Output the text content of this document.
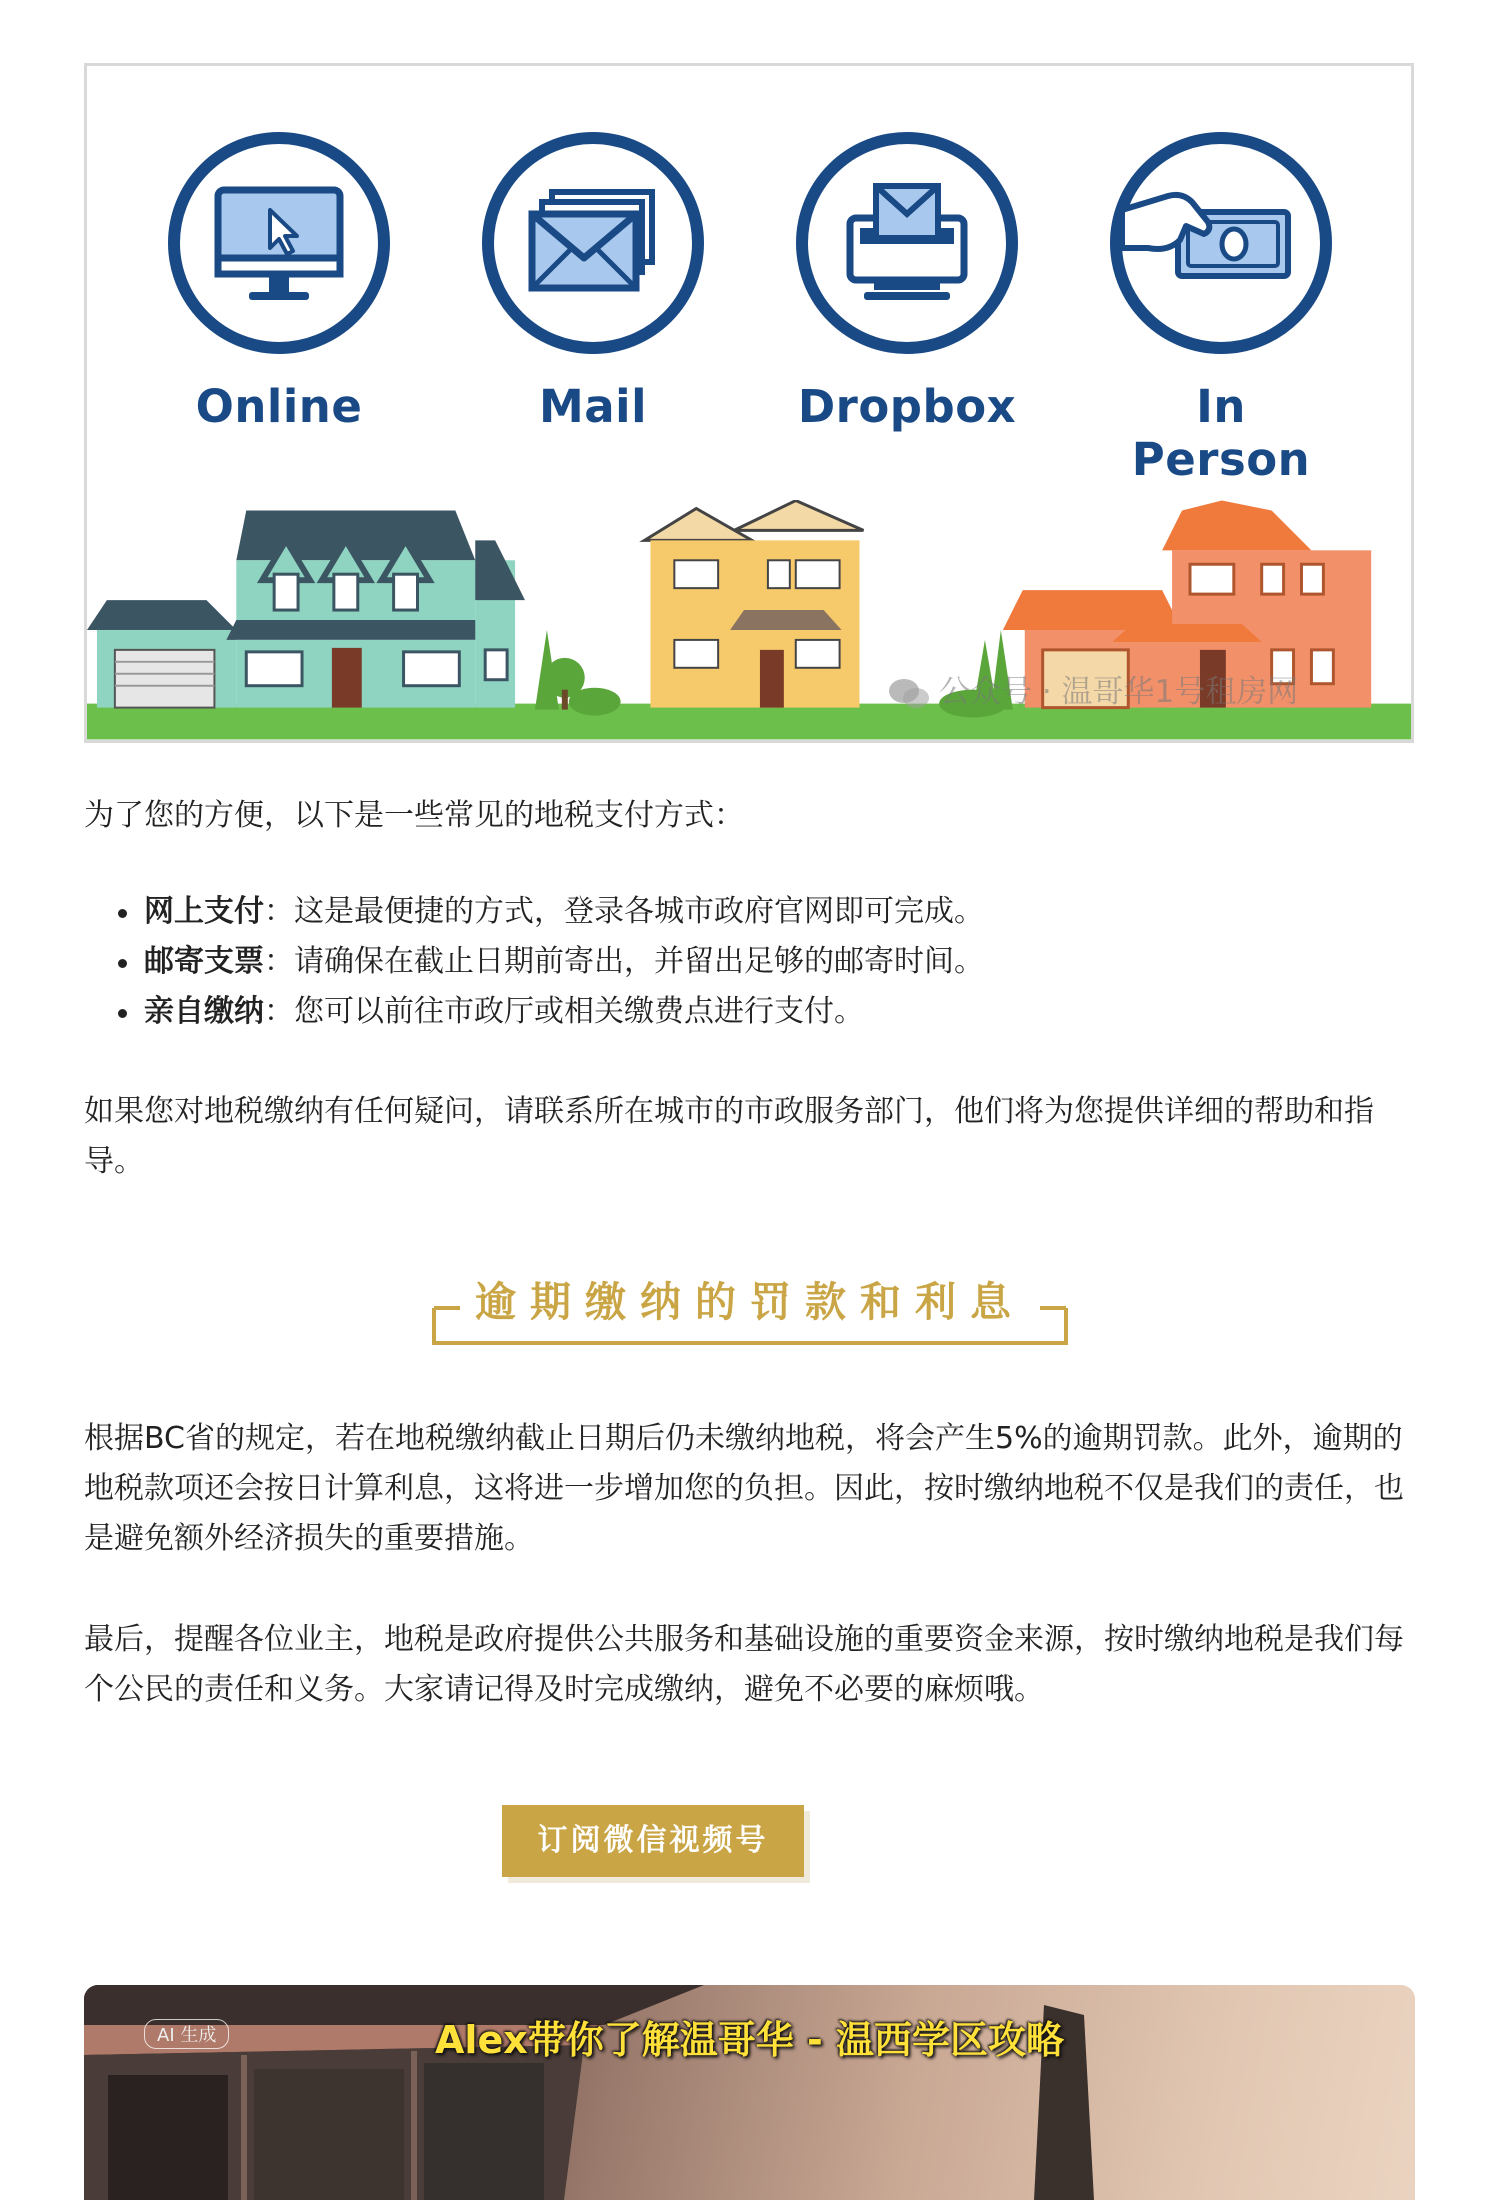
Online	Mail	Dropbox	In Person
公众号 · 温哥华1号租房网

为了您的方便，以下是一些常见的地税支付方式：

网上支付：这是最便捷的方式，登录各城市政府官网即可完成。
邮寄支票：请确保在截止日期前寄出，并留出足够的邮寄时间。
亲自缴纳：您可以前往市政厅或相关缴费点进行支付。

如果您对地税缴纳有任何疑问，请联系所在城市的市政服务部门，他们将为您提供详细的帮助和指导。

逾期缴纳的罚款和利息

根据BC省的规定，若在地税缴纳截止日期后仍未缴纳地税，将会产生5%的逾期罚款。此外，逾期的地税款项还会按日计算利息，这将进一步增加您的负担。因此，按时缴纳地税不仅是我们的责任，也是避免额外经济损失的重要措施。

最后，提醒各位业主，地税是政府提供公共服务和基础设施的重要资金来源，按时缴纳地税是我们每个公民的责任和义务。大家请记得及时完成缴纳，避免不必要的麻烦哦。

订阅微信视频号
AI 生成	Alex带你了解温哥华 - 温西学区攻略
